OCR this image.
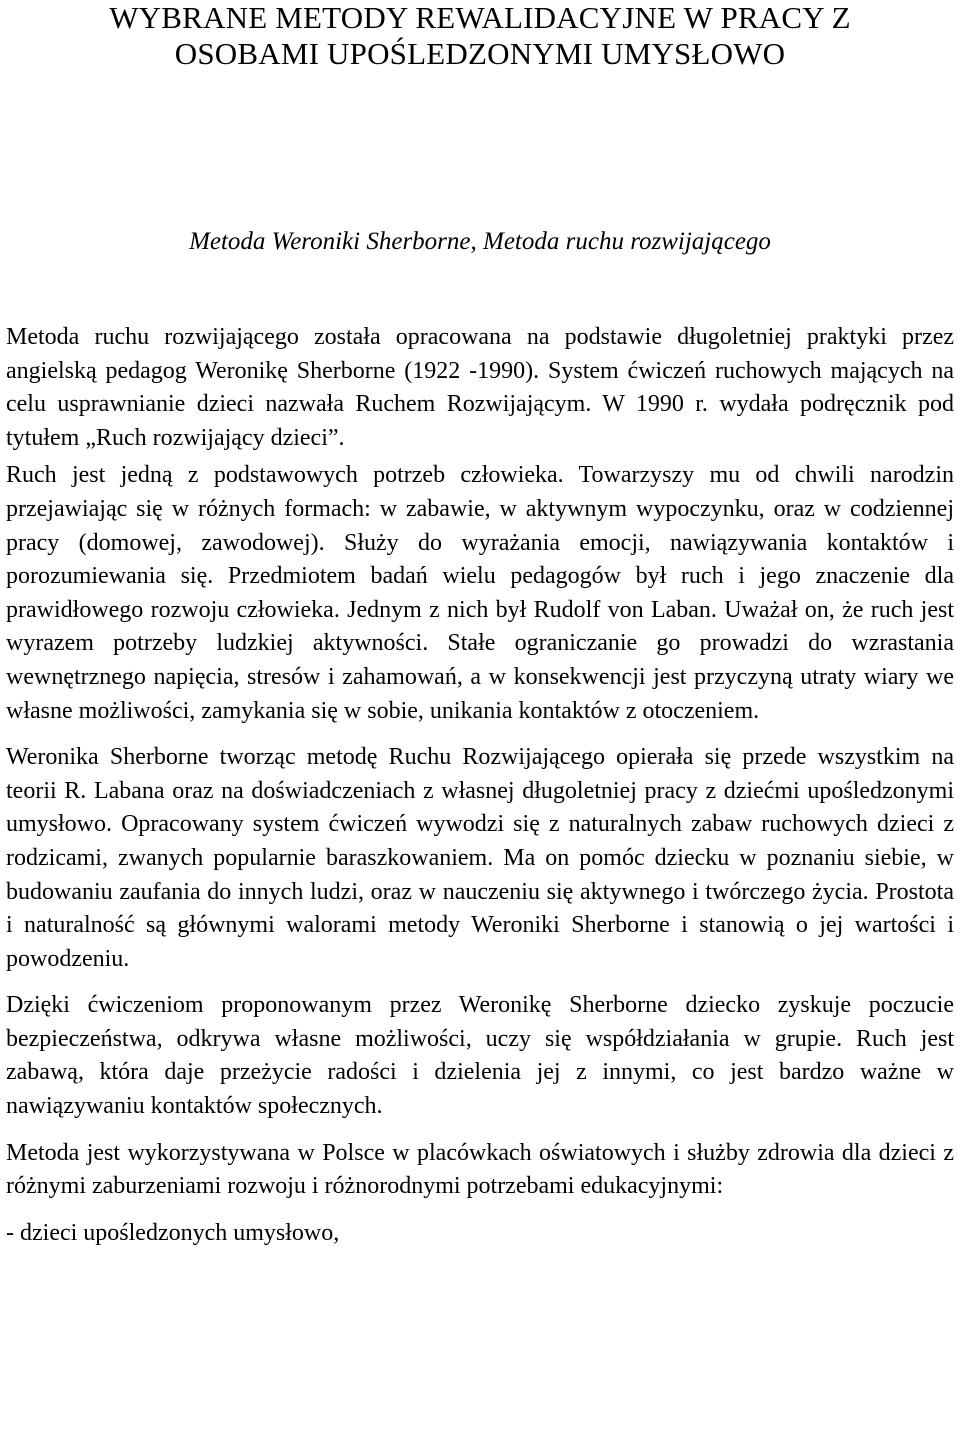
WYBRANE METODY REWALIDACYJNE W PRACY Z
OSOBAMI UPOŚLEDZONYMI UMYSŁOWO

Metoda Weroniki Sherborne, Metoda ruchu rozwijającego

Metoda ruchu rozwijającego została opracowana na podstawie długoletniej praktyki przez angielską pedagog Weronikę Sherborne (1922 -1990). System ćwiczeń ruchowych mających na celu usprawnianie dzieci nazwała Ruchem Rozwijającym. W 1990 r. wydała podręcznik pod tytułem „Ruch rozwijający dzieci”.

Ruch jest jedną z podstawowych potrzeb człowieka. Towarzyszy mu od chwili narodzin przejawiając się w różnych formach: w zabawie, w aktywnym wypoczynku, oraz w codziennej pracy (domowej, zawodowej). Służy do wyrażania emocji, nawiązywania kontaktów i porozumiewania się. Przedmiotem badań wielu pedagogów był ruch i jego znaczenie dla prawidłowego rozwoju człowieka. Jednym z nich był Rudolf von Laban. Uważał on, że ruch jest wyrazem potrzeby ludzkiej aktywności. Stałe ograniczanie go prowadzi do wzrastania wewnętrznego napięcia, stresów i zahamowań, a w konsekwencji jest przyczyną utraty wiary we własne możliwości, zamykania się w sobie, unikania kontaktów z otoczeniem.

Weronika Sherborne tworząc metodę Ruchu Rozwijającego opierała się przede wszystkim na teorii R. Labana oraz na doświadczeniach z własnej długoletniej pracy z dziećmi upośledzonymi umysłowo. Opracowany system ćwiczeń wywodzi się z naturalnych zabaw ruchowych dzieci z rodzicami, zwanych popularnie baraszkowaniem. Ma on pomóc dziecku w poznaniu siebie, w budowaniu zaufania do innych ludzi, oraz w nauczeniu się aktywnego i twórczego życia. Prostota i naturalność są głównymi walorami metody Weroniki Sherborne i stanowią o jej wartości i powodzeniu.

Dzięki ćwiczeniom proponowanym przez Weronikę Sherborne dziecko zyskuje poczucie bezpieczeństwa, odkrywa własne możliwości, uczy się współdziałania w grupie. Ruch jest zabawą, która daje przeżycie radości i dzielenia jej z innymi, co jest bardzo ważne w nawiązywaniu kontaktów społecznych.

Metoda jest wykorzystywana w Polsce w placówkach oświatowych i służby zdrowia dla dzieci z różnymi zaburzeniami rozwoju i różnorodnymi potrzebami edukacyjnymi:

- dzieci upośledzonych umysłowo,
